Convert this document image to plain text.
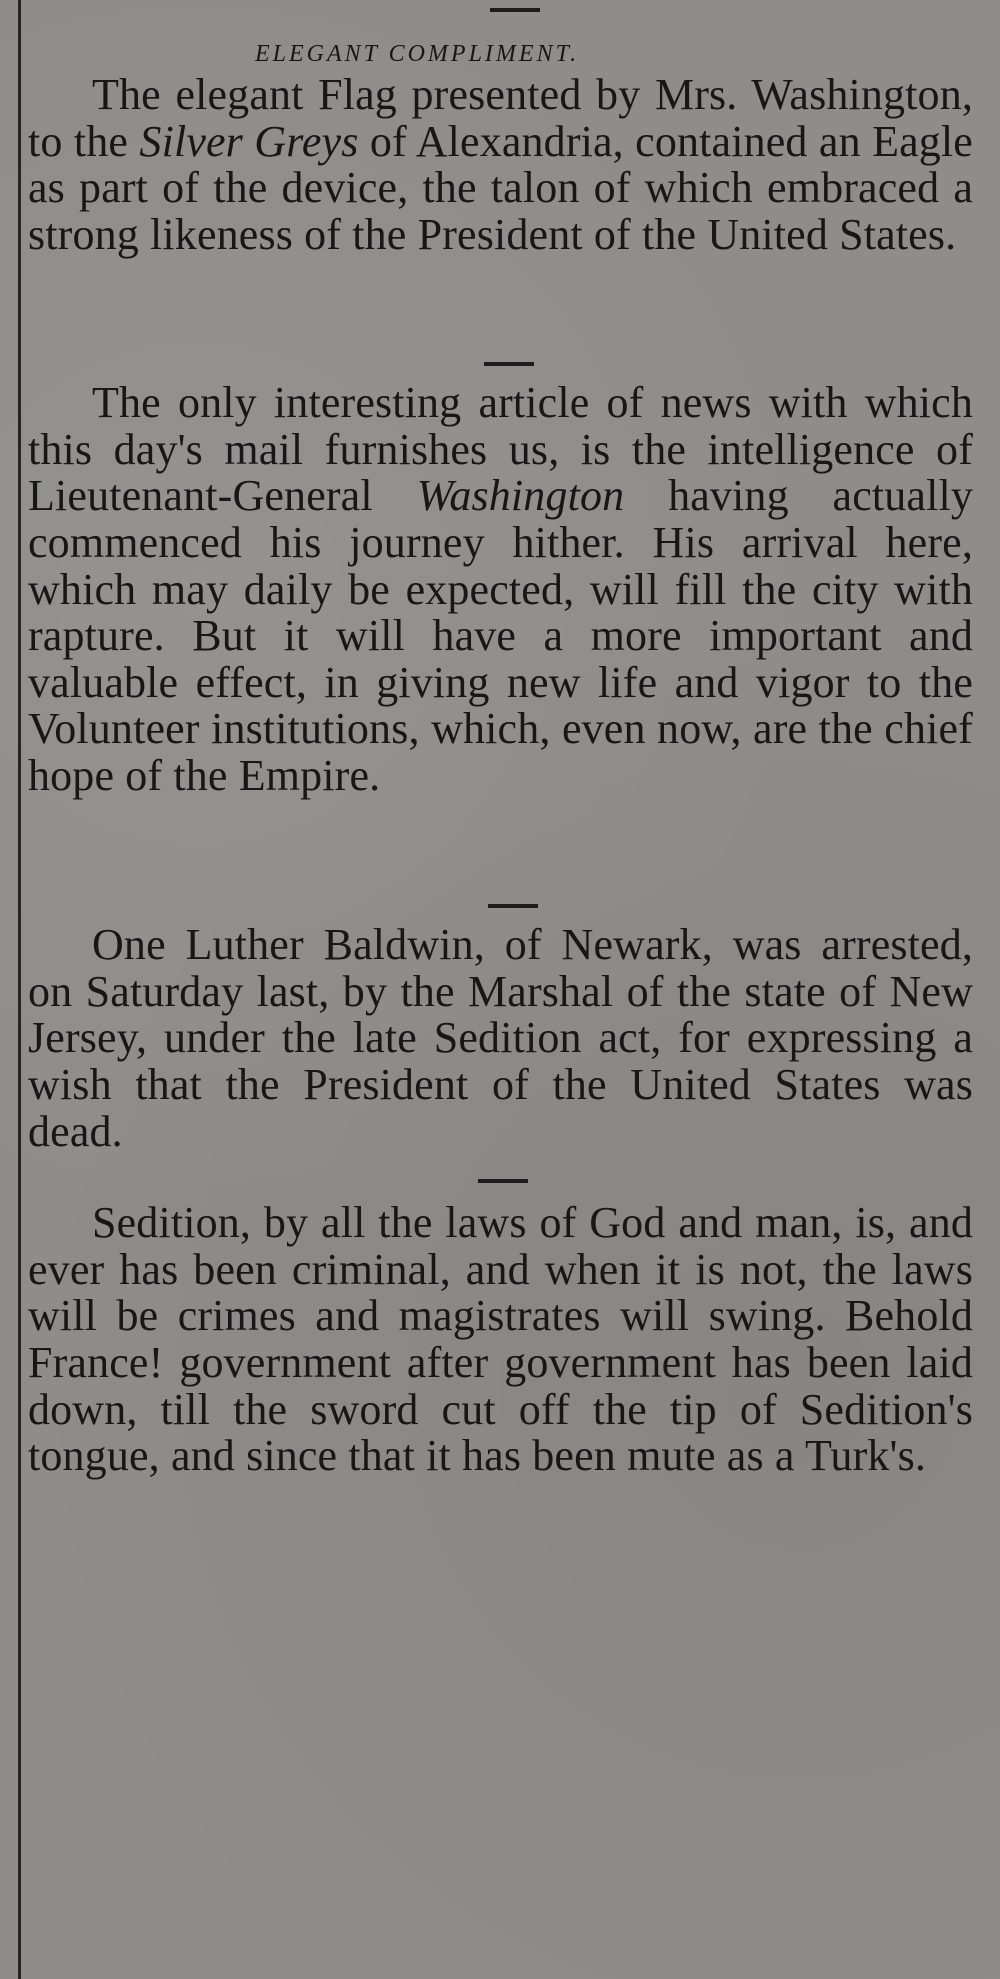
ELEGANT COMPLIMENT.

The elegant Flag presented by Mrs. Washington, to the Silver Greys of Alexandria, contained an Eagle as part of the device, the talon of which embraced a strong likeness of the President of the United States.

The only interesting article of news with which this day's mail furnishes us, is the intelligence of Lieutenant-General Washington having actually commenced his journey hither. His arrival here, which may daily be expected, will fill the city with rapture. But it will have a more important and valuable effect, in giving new life and vigor to the Volunteer institutions, which, even now, are the chief hope of the Empire.

One Luther Baldwin, of Newark, was arrested, on Saturday last, by the Marshal of the state of New Jersey, under the late Sedition act, for expressing a wish that the President of the United States was dead.

Sedition, by all the laws of God and man, is, and ever has been criminal, and when it is not, the laws will be crimes and magistrates will swing. Behold France! government after government has been laid down, till the sword cut off the tip of Sedition's tongue, and since that it has been mute as a Turk's.
